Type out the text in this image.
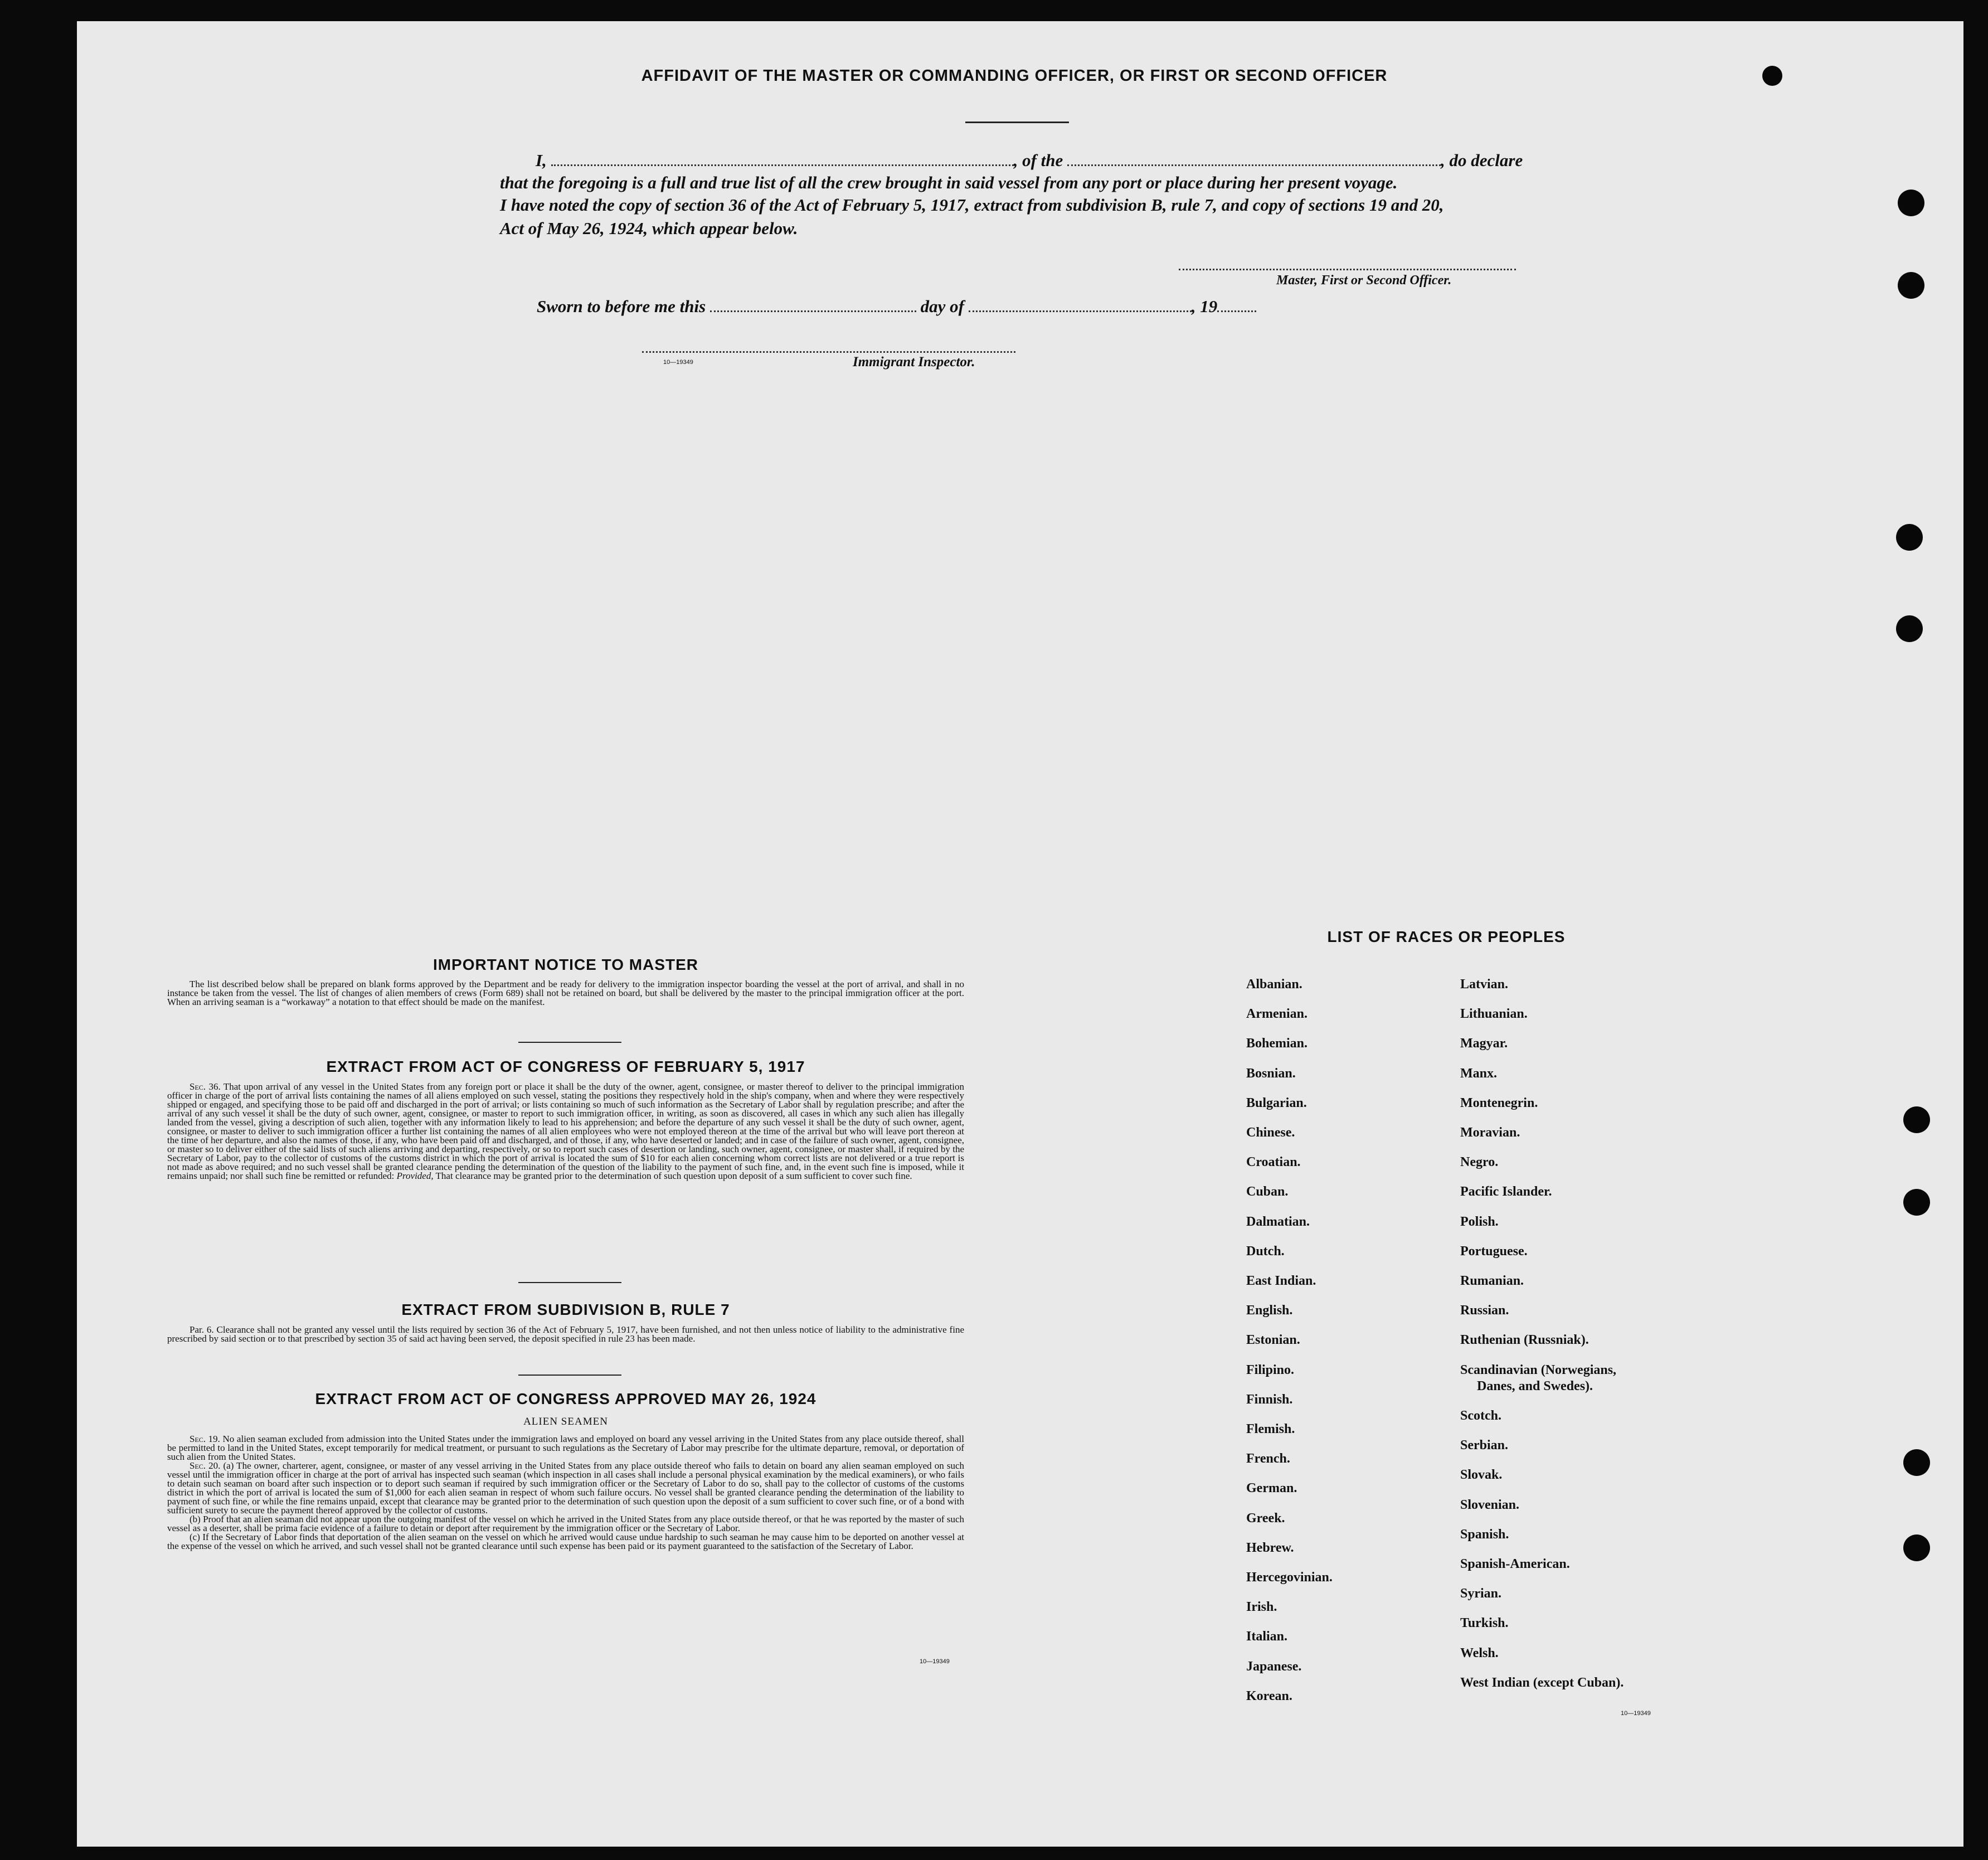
AFFIDAVIT OF THE MASTER OR COMMANDING OFFICER, OR FIRST OR SECOND OFFICER
I,	, of the	, do declare
that the foregoing is a full and true list of all the crew brought in said vessel from any port or place during her present voyage.
I have noted the copy of section 36 of the Act of February 5, 1917, extract from subdivision B, rule 7, and copy of sections 19 and 20,
Act of May 26, 1924, which appear below.
Master, First or Second Officer.
Sworn to before me this	day of	, 19
10—19349	Immigrant Inspector.
IMPORTANT NOTICE TO MASTER

The list described below shall be prepared on blank forms approved by the Department and be ready for delivery to the immigration inspector boarding the vessel at the port of arrival, and shall in no instance be taken from the vessel. The list of changes of alien members of crews (Form 689) shall not be retained on board, but shall be delivered by the master to the principal immigration officer at the port. When an arriving seaman is a “workaway” a notation to that effect should be made on the manifest.

EXTRACT FROM ACT OF CONGRESS OF FEBRUARY 5, 1917

Sec. 36. That upon arrival of any vessel in the United States from any foreign port or place it shall be the duty of the owner, agent, consignee, or master thereof to deliver to the principal immigration officer in charge of the port of arrival lists containing the names of all aliens employed on such vessel, stating the positions they respectively hold in the ship's company, when and where they were respectively shipped or engaged, and specifying those to be paid off and discharged in the port of arrival; or lists containing so much of such information as the Secretary of Labor shall by regulation prescribe; and after the arrival of any such vessel it shall be the duty of such owner, agent, consignee, or master to report to such immigration officer, in writing, as soon as discovered, all cases in which any such alien has illegally landed from the vessel, giving a description of such alien, together with any information likely to lead to his apprehension; and before the departure of any such vessel it shall be the duty of such owner, agent, consignee, or master to deliver to such immigration officer a further list containing the names of all alien employees who were not employed thereon at the time of the arrival but who will leave port thereon at the time of her departure, and also the names of those, if any, who have been paid off and discharged, and of those, if any, who have deserted or landed; and in case of the failure of such owner, agent, consignee, or master so to deliver either of the said lists of such aliens arriving and departing, respectively, or so to report such cases of desertion or landing, such owner, agent, consignee, or master shall, if required by the Secretary of Labor, pay to the collector of customs of the customs district in which the port of arrival is located the sum of $10 for each alien concerning whom correct lists are not delivered or a true report is not made as above required; and no such vessel shall be granted clearance pending the determination of the question of the liability to the payment of such fine, and, in the event such fine is imposed, while it remains unpaid; nor shall such fine be remitted or refunded: Provided, That clearance may be granted prior to the determination of such question upon deposit of a sum sufficient to cover such fine.

EXTRACT FROM SUBDIVISION B, RULE 7

Par. 6. Clearance shall not be granted any vessel until the lists required by section 36 of the Act of February 5, 1917, have been furnished, and not then unless notice of liability to the administrative fine prescribed by said section or to that prescribed by section 35 of said act having been served, the deposit specified in rule 23 has been made.

EXTRACT FROM ACT OF CONGRESS APPROVED MAY 26, 1924
ALIEN SEAMEN

Sec. 19. No alien seaman excluded from admission into the United States under the immigration laws and employed on board any vessel arriving in the United States from any place outside thereof, shall be permitted to land in the United States, except temporarily for medical treatment, or pursuant to such regulations as the Secretary of Labor may prescribe for the ultimate departure, removal, or deportation of such alien from the United States.

Sec. 20. (a) The owner, charterer, agent, consignee, or master of any vessel arriving in the United States from any place outside thereof who fails to detain on board any alien seaman employed on such vessel until the immigration officer in charge at the port of arrival has inspected such seaman (which inspection in all cases shall include a personal physical examination by the medical examiners), or who fails to detain such seaman on board after such inspection or to deport such seaman if required by such immigration officer or the Secretary of Labor to do so, shall pay to the collector of customs of the customs district in which the port of arrival is located the sum of $1,000 for each alien seaman in respect of whom such failure occurs. No vessel shall be granted clearance pending the determination of the liability to payment of such fine, or while the fine remains unpaid, except that clearance may be granted prior to the determination of such question upon the deposit of a sum sufficient to cover such fine, or of a bond with sufficient surety to secure the payment thereof approved by the collector of customs.

(b) Proof that an alien seaman did not appear upon the outgoing manifest of the vessel on which he arrived in the United States from any place outside thereof, or that he was reported by the master of such vessel as a deserter, shall be prima facie evidence of a failure to detain or deport after requirement by the immigration officer or the Secretary of Labor.

(c) If the Secretary of Labor finds that deportation of the alien seaman on the vessel on which he arrived would cause undue hardship to such seaman he may cause him to be deported on another vessel at the expense of the vessel on which he arrived, and such vessel shall not be granted clearance until such expense has been paid or its payment guaranteed to the satisfaction of the Secretary of Labor.

10—19349
LIST OF RACES OR PEOPLES
Albanian.
Armenian.
Bohemian.
Bosnian.
Bulgarian.
Chinese.
Croatian.
Cuban.
Dalmatian.
Dutch.
East Indian.
English.
Estonian.
Filipino.
Finnish.
Flemish.
French.
German.
Greek.
Hebrew.
Hercegovinian.
Irish.
Italian.
Japanese.
Korean.
Latvian.
Lithuanian.
Magyar.
Manx.
Montenegrin.
Moravian.
Negro.
Pacific Islander.
Polish.
Portuguese.
Rumanian.
Russian.
Ruthenian (Russniak).
Scandinavian (Norwegians,
Danes, and Swedes).
Scotch.
Serbian.
Slovak.
Slovenian.
Spanish.
Spanish-American.
Syrian.
Turkish.
Welsh.
West Indian (except Cuban).
10—19349
